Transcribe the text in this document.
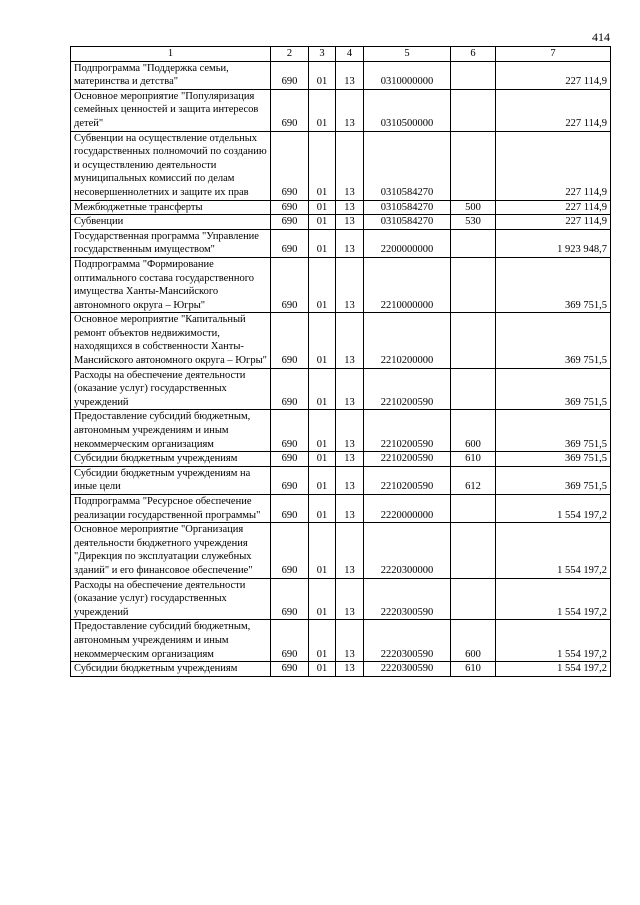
414
1	2	3	4	5	6	7
Подпрограмма "Поддержка семьи, материнства и детства"	690	01	13	0310000000		227 114,9
Основное мероприятие "Популяризация семейных ценностей и защита интересов детей"	690	01	13	0310500000		227 114,9
Субвенции на осуществление отдельных государственных полномочий по созданию и осуществлению деятельности муниципальных комиссий по делам несовершеннолетних и защите их прав	690	01	13	0310584270		227 114,9
Межбюджетные трансферты	690	01	13	0310584270	500	227 114,9
Субвенции	690	01	13	0310584270	530	227 114,9
Государственная программа "Управление государственным имуществом"	690	01	13	2200000000		1 923 948,7
Подпрограмма "Формирование оптимального состава государственного имущества Ханты-Мансийского автономного округа – Югры"	690	01	13	2210000000		369 751,5
Основное мероприятие "Капитальный ремонт объектов недвижимости, находящихся в собственности Ханты-Мансийского автономного округа – Югры"	690	01	13	2210200000		369 751,5
Расходы на обеспечение деятельности (оказание услуг) государственных учреждений	690	01	13	2210200590		369 751,5
Предоставление субсидий бюджетным, автономным учреждениям и иным некоммерческим организациям	690	01	13	2210200590	600	369 751,5
Субсидии бюджетным учреждениям	690	01	13	2210200590	610	369 751,5
Субсидии бюджетным учреждениям на иные цели	690	01	13	2210200590	612	369 751,5
Подпрограмма "Ресурсное обеспечение реализации государственной программы"	690	01	13	2220000000		1 554 197,2
Основное мероприятие "Организация деятельности бюджетного учреждения "Дирекция по эксплуатации служебных зданий" и его финансовое обеспечение"	690	01	13	2220300000		1 554 197,2
Расходы на обеспечение деятельности (оказание услуг) государственных учреждений	690	01	13	2220300590		1 554 197,2
Предоставление субсидий бюджетным, автономным учреждениям и иным некоммерческим организациям	690	01	13	2220300590	600	1 554 197,2
Субсидии бюджетным учреждениям	690	01	13	2220300590	610	1 554 197,2
